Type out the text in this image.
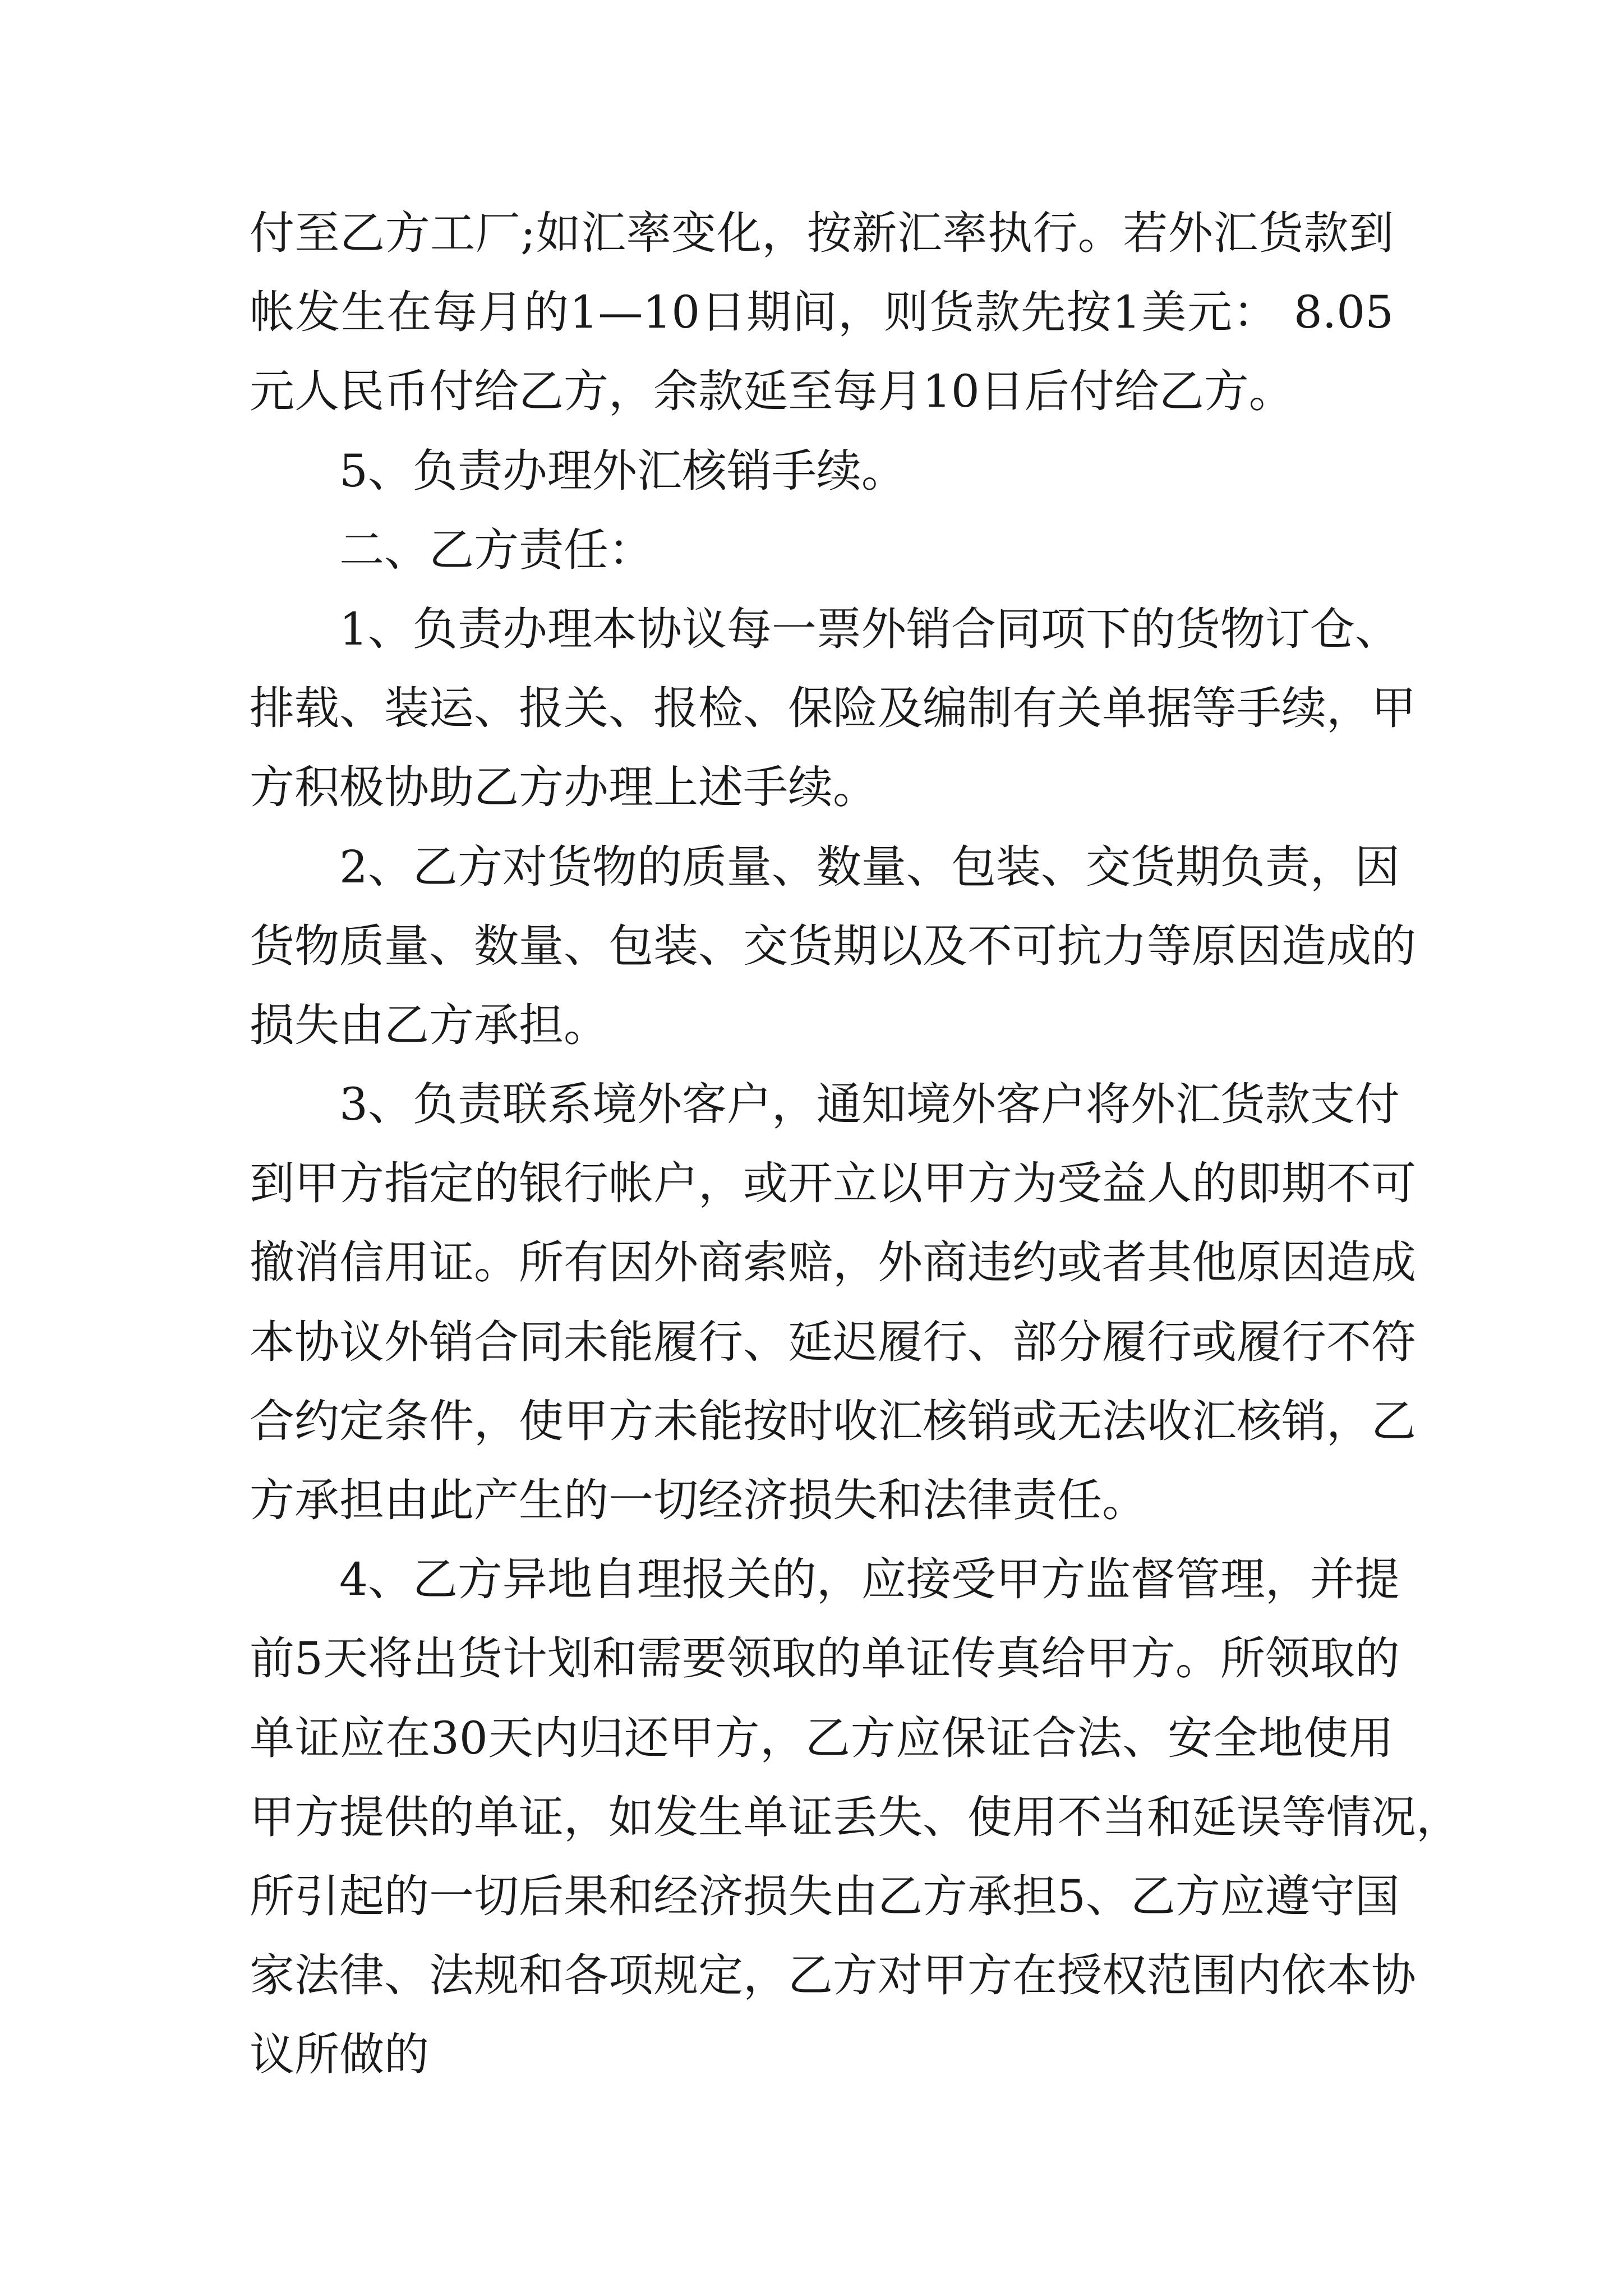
付至乙方工厂;如汇率变化，按新汇率执行。若外汇货款到
帐发生在每月的1—10日期间，则货款先按1美元： 8.05
元人民币付给乙方，余款延至每月10日后付给乙方。
5、负责办理外汇核销手续。
二、乙方责任：
1、负责办理本协议每一票外销合同项下的货物订仓、
排载、装运、报关、报检、保险及编制有关单据等手续，甲
方积极协助乙方办理上述手续。
2、乙方对货物的质量、数量、包装、交货期负责，因
货物质量、数量、包装、交货期以及不可抗力等原因造成的
损失由乙方承担。
3、负责联系境外客户，通知境外客户将外汇货款支付
到甲方指定的银行帐户，或开立以甲方为受益人的即期不可
撤消信用证。所有因外商索赔，外商违约或者其他原因造成
本协议外销合同未能履行、延迟履行、部分履行或履行不符
合约定条件，使甲方未能按时收汇核销或无法收汇核销，乙
方承担由此产生的一切经济损失和法律责任。
4、乙方异地自理报关的，应接受甲方监督管理，并提
前5天将出货计划和需要领取的单证传真给甲方。所领取的
单证应在30天内归还甲方，乙方应保证合法、安全地使用
甲方提供的单证，如发生单证丢失、使用不当和延误等情况，
所引起的一切后果和经济损失由乙方承担5、乙方应遵守国
家法律、法规和各项规定，乙方对甲方在授权范围内依本协
议所做的
